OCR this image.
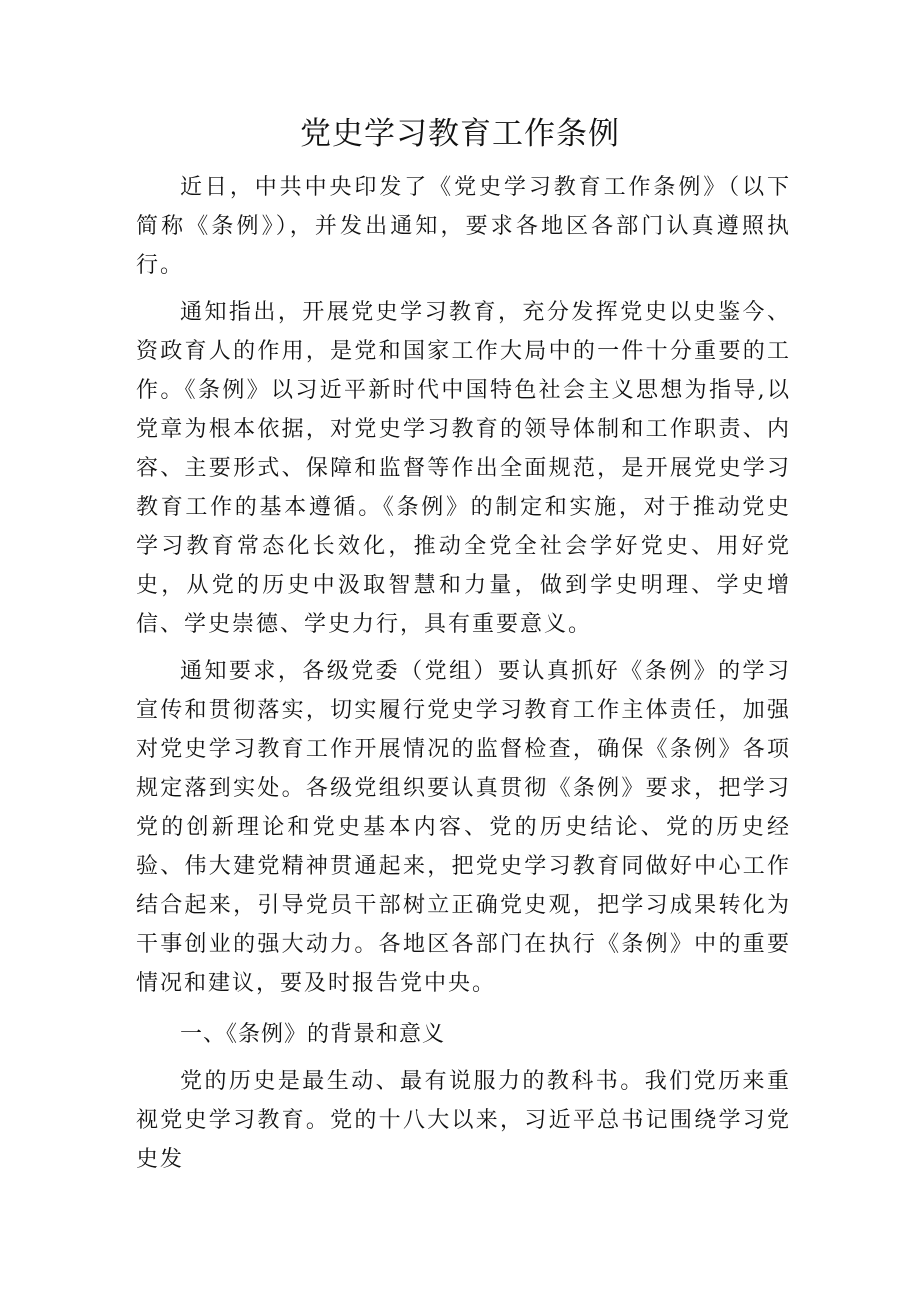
党史学习教育工作条例

近日，中共中央印发了《党史学习教育工作条例》（以下简称《条例》），并发出通知，要求各地区各部门认真遵照执行。

通知指出，开展党史学习教育，充分发挥党史以史鉴今、资政育人的作用，是党和国家工作大局中的一件十分重要的工作。《条例》以习近平新时代中国特色社会主义思想为指导,以党章为根本依据，对党史学习教育的领导体制和工作职责、内容、主要形式、保障和监督等作出全面规范，是开展党史学习教育工作的基本遵循。《条例》的制定和实施，对于推动党史学习教育常态化长效化，推动全党全社会学好党史、用好党史，从党的历史中汲取智慧和力量，做到学史明理、学史增信、学史崇德、学史力行，具有重要意义。

通知要求，各级党委（党组）要认真抓好《条例》的学习宣传和贯彻落实，切实履行党史学习教育工作主体责任，加强对党史学习教育工作开展情况的监督检查，确保《条例》各项规定落到实处。各级党组织要认真贯彻《条例》要求，把学习党的创新理论和党史基本内容、党的历史结论、党的历史经验、伟大建党精神贯通起来，把党史学习教育同做好中心工作结合起来，引导党员干部树立正确党史观，把学习成果转化为干事创业的强大动力。各地区各部门在执行《条例》中的重要情况和建议，要及时报告党中央。

一、《条例》的背景和意义

党的历史是最生动、最有说服力的教科书。我们党历来重视党史学习教育。党的十八大以来，习近平总书记围绕学习党史发
